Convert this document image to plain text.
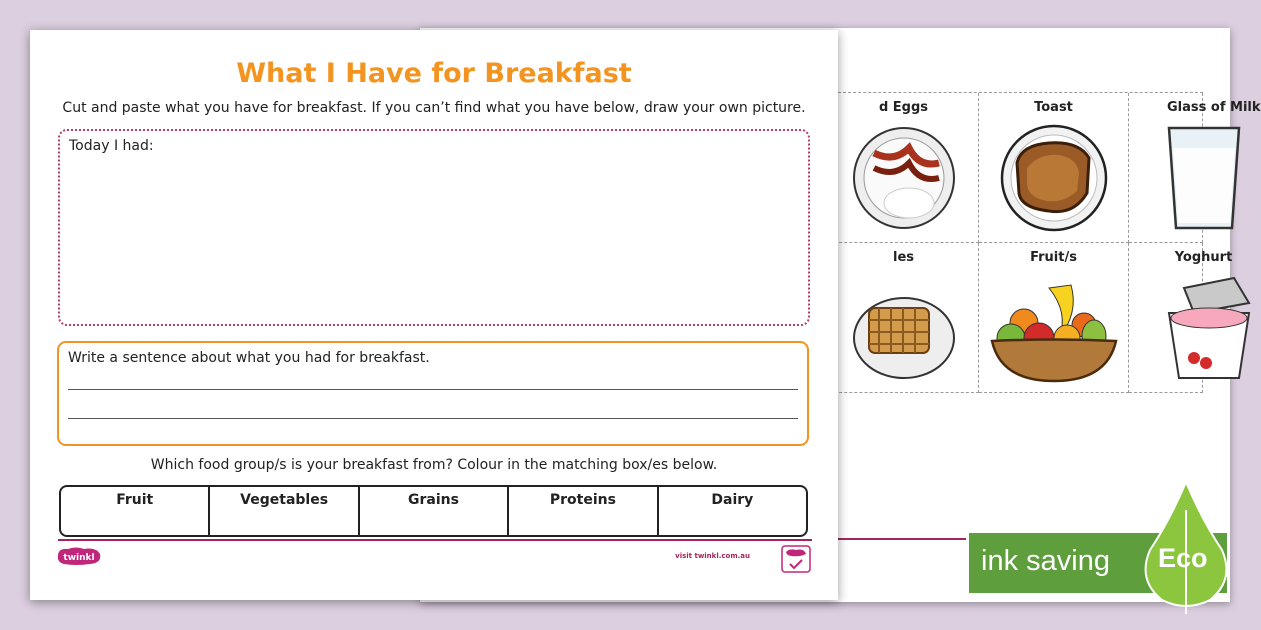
d Eggs	Toast	Glass of Milk
les	Fruit/s	Yoghurt
What I Have for Breakfast
Cut and paste what you have for breakfast. If you can’t find what you have below, draw your own picture.
Today I had:
Write a sentence about what you had for breakfast.
Which food group/s is your breakfast from? Colour in the matching box/es below.
Fruit	Vegetables	Grains	Proteins	Dairy
twinkl	visit twinkl.com.au	ink saving Eco
